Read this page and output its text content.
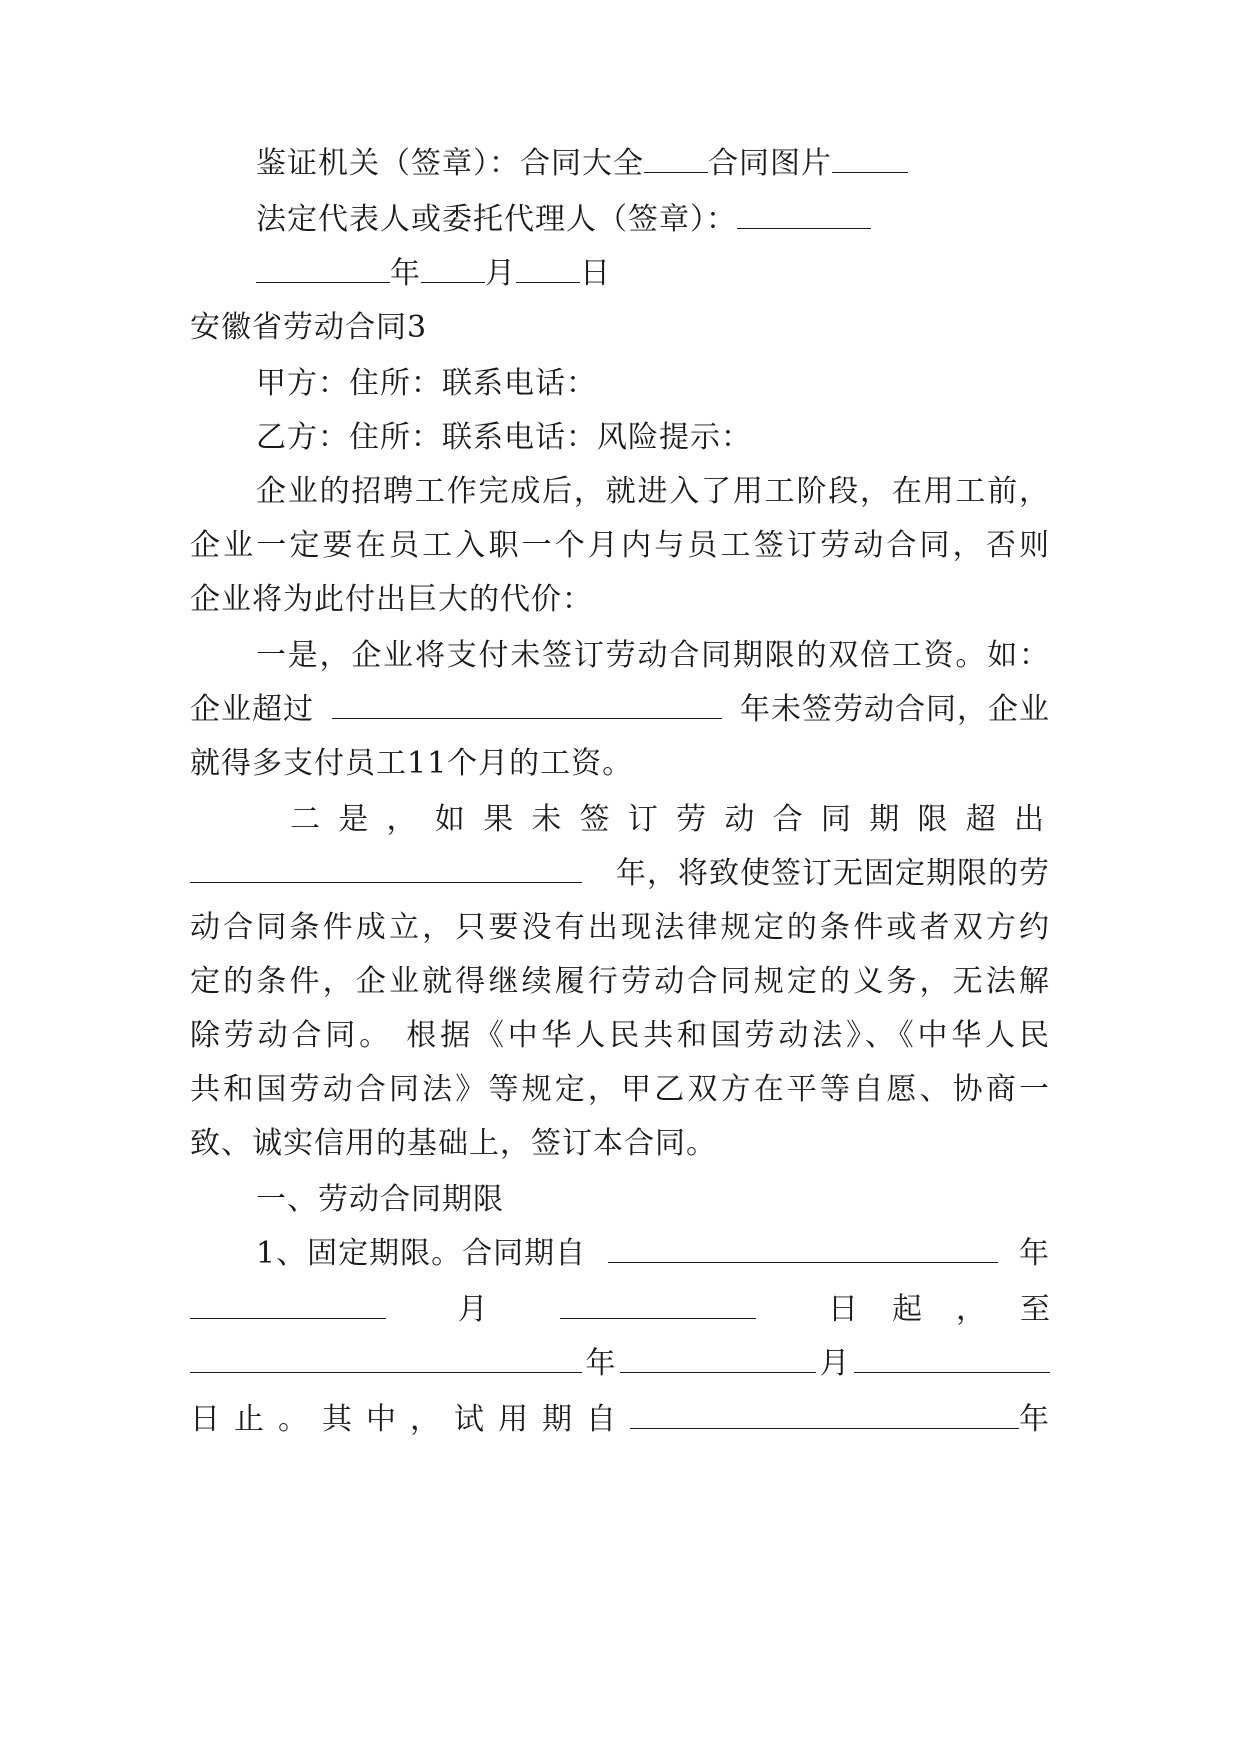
鉴证机关（签章）：合同大全 合同图片
法定代表人或委托代理人（签章）：
年 月 日
安徽省劳动合同3
甲方：住所：联系电话：
乙方：住所：联系电话：风险提示：
企业的招聘工作完成后，就进入了用工阶段，在用工前，
企业一定要在员工入职一个月内与员工签订劳动合同，否则
企业将为此付出巨大的代价：
一是，企业将支付未签订劳动合同期限的双倍工资。如：
企业超过	年未签劳动合同，企业
就得多支付员工11个月的工资。
二是，如果未签订劳动合同期限超出
年，将致使签订无固定期限的劳
动合同条件成立，只要没有出现法律规定的条件或者双方约
定的条件，企业就得继续履行劳动合同规定的义务，无法解
除劳动合同。 根据《中华人民共和国劳动法》、《中华人民
共和国劳动合同法》等规定，甲乙双方在平等自愿、协商一
致、诚实信用的基础上，签订本合同。
一、劳动合同期限
1、固定期限。合同期自	年
月	日起，至
年	月
日止。其中，试用期自	年
